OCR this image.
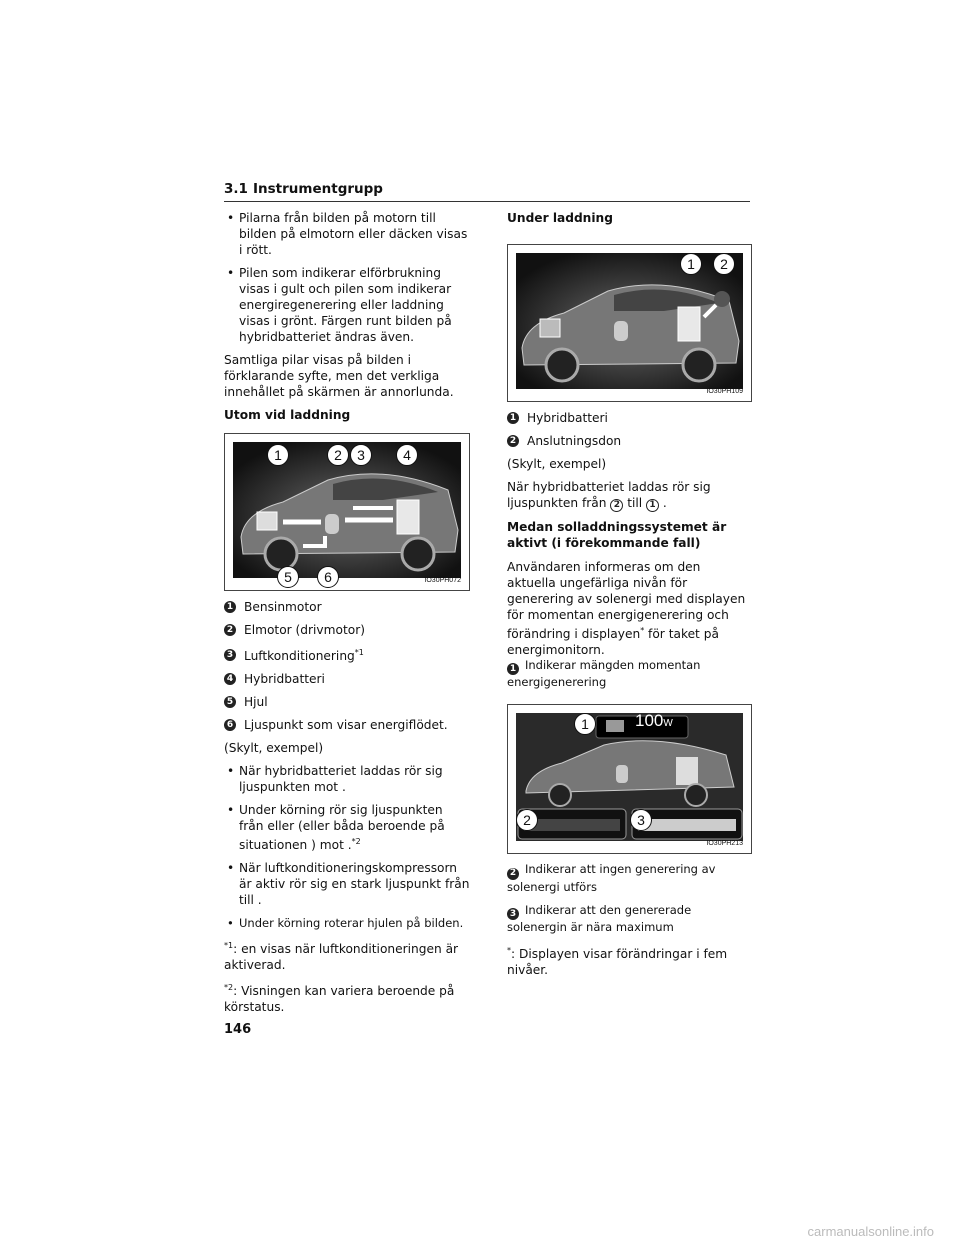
3.1 Instrumentgrupp
• Pilarna från bilden på motorn till bilden på elmotorn eller däcken visas i rött.
• Pilen som indikerar elförbrukning visas i gult och pilen som indikerar energiregenerering eller laddning visas i grönt. Färgen runt bilden på hybridbatteriet ändras även.

Samtliga pilar visas på bilden i förklarande syfte, men det verkliga innehållet på skärmen är annorlunda.

Utom vid laddning
1	2	3	4
5	6	IO30PH072
1 Bensinmotor
2 Elmotor (drivmotor)
3 Luftkonditionering$^{*1}$
4 Hybridbatteri
5 Hjul
6 Ljuspunkt som visar energiflödet.

(Skylt, exempel)

• När hybridbatteriet laddas rör sig ljuspunkten mot .
• Under körning rör sig ljuspunkten från eller (eller båda beroende på situationen ) mot .$^{*2}$
• När luftkonditioneringskompressorn är aktiv rör sig en stark ljuspunkt från till .
• Under körning roterar hjulen på bilden.

$^{*1}$: en visas när luftkonditioneringen är aktiverad.

$^{*2}$: Visningen kan variera beroende på körstatus.

Under laddning
1	2
IO30PH109
1 Hybridbatteri
2 Anslutningsdon

(Skylt, exempel)

När hybridbatteriet laddas rör sig ljuspunkten från 2 till 1 .

Medan solladdningssystemet är aktivt (i förekommande fall)

Användaren informeras om den aktuella ungefärliga nivån för generering av solenergi med displayen för momentan energigenerering och förändring i displayen* för taket på energimonitorn.

1 Indikerar mängden momentan energigenerering
100W
1
2	3
IO30PH213
2 Indikerar att ingen generering av solenergi utförs
3 Indikerar att den genererade solenergin är nära maximum

*: Displayen visar förändringar i fem nivåer.

146
carmanualsonline.info
